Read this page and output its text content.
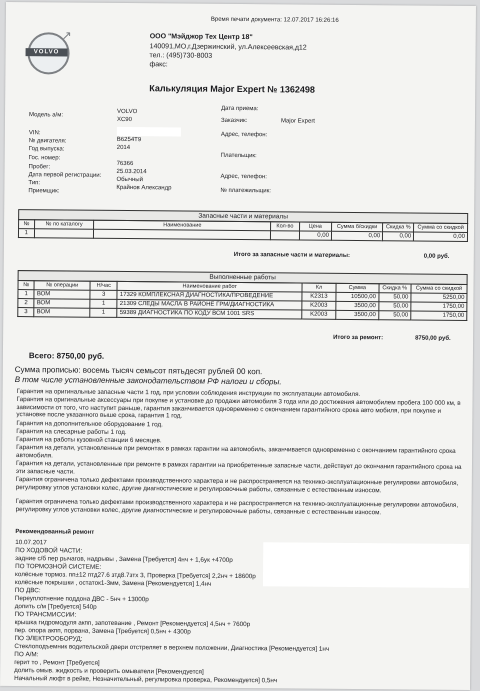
↗
VOLVO
Время печати документа: 12.07.2017 16:26:16
ООО "Мэйджор Тех Центр 18"
140091,МО,г.Дзержинский, ул.Алексеевская,д12
тел.: (495)730-8003
факс:
Калькуляция Major Expert № 1362498
Модель а/м:
VOLVO
XC90
VIN:
№ двигателя:	B6254T9
Год выпуска:	2014
Гос. номер:
Пробег:
76366
Дата первой регистрации:
25.03.2014
Тип:
Обычный
Приемщик:	Крайнов Александр
Дата приема:
Заказчик:	Major Expert
Адрес, телефон:
Плательщик:
Адрес, телефон:
№ платежильщик:
Запасные части и материалы
№	№ по каталогу	Наименование	Кол-во	Цена	Сумма б/скидки	Скидка %	Сумма со скидкой
1				0,00	0,00	0,00	0,00
Итого за запасные части и материалы:	0,00 руб.
Выполненные работы
№	№ операции	Н/час	Наименование работ	Кл	Сумма	Скидка %	Сумма со скидкой
1	ВОМ	3	17329 КОМПЛЕКСНАЯ ДИАГНОСТИКА/ПРОВЕДЕНИЕ	K2313	10500,00	50,00	5250,00
2	ВОМ	1	21309 СЛЕДЫ МАСЛА В РАЙОНЕ ГРМ/ДИАГНОСТИКА	K2003	3500,00	50,00	1750,00
3	ВОМ	1	59389 ДИАГНОСТИКА ПО КОДУ ВСМ 1001 SRS	K2003	3500,00	50,00	1750,00
Итого за ремонт:	8750,00 руб.
Всего: 8750,00 руб.
Сумма прописью: восемь тысяч семьсот пятьдесят рублей 00 коп.
В том числе установленные законодательством РФ налоги и сборы.
Гарантия на оригинальные запасные части 1 год, при условии соблюдения инструкции по эксплуатации автомобиля.
Гарантия на оригинальные аксессуары при покупке и установке до продажи автомобиля 3 года или до достижения автомобилем пробега 100 000 км, в зависимости от того, что наступит раньше, гарантия заканчивается одновременно с окончанием гарантийного срока авто мобиля, при покупке и установке после указанного выше срока, гарантия 1 год.
Гарантия на дополнительное оборудование 1 год.
Гарантия на слесарные работы 1 год.
Гарантия на работы кузовной станции 6 месяцев.
Гарантия на детали, установленные при ремонтах в рамках гарантии на автомобиль, заканчивается одновременно с окончанием гарантийного срока автомобиля.
Гарантия на детали, установленные при ремонте в рамках гарантии на приобретенные запасные части, действует до окончания гарантийного срока на эти запасные части.
Гарантия ограничена только дефектами производственного характера и не распространяется на технико-эксплуатационные регулировки автомобиля, регулировку углов установки колес, другие диагностические и регулировочные работы, связанные с естественным износом.
Гарантия ограничена только дефектами производственного характера и не распространяется на технико-эксплуатационные регулировки автомобиля, регулировку углов установки колес, другие диагностические и регулировочные работы, связанные с естественным износом.
Рекомендованный ремонт
10.07.2017
ПО ХОДОВОЙ ЧАСТИ:
задние с/б пер рычагов, надрывы , Замена [Требуется] 4нч + 1,6ук +4700р
ПО ТОРМОЗНОЙ СИСТЕМЕ:
колёсные тормоз. пп±12 птд27.6 зтд8.7зтх 3, Проверка [Требуется] 2,2нч + 18600р
колёсные покрышки , остаток1-3мм, Замена [Рекомендуется] 1,4нч
ПО ДВС:
Переуплотнение поддона ДВС - 5нч + 13000р
допить с/м [Требуется] 540р
ПО ТРАНСМИССИИ:
крышка гидромодуля акпп, запотевание , Ремонт [Рекомендуется] 4,5нч + 7600р
пер. опора акпп, порвана, Замена [Требуется] 0,5нч + 4300р
ПО ЭЛЕКТРООБОРУД:
Стеклоподъемник водительской двери отстреляет в верхнем положении, Диагностика [Рекомендуется] 1нч
ПО А/М:
герит то , Ремонт [Требуется]
долить омыв. жидкость и проверить омыватели [Рекомендуется]
Начальный люфт в рейке, Незначительный, регулировка проверка, Рекомендуется] 0,5нч
